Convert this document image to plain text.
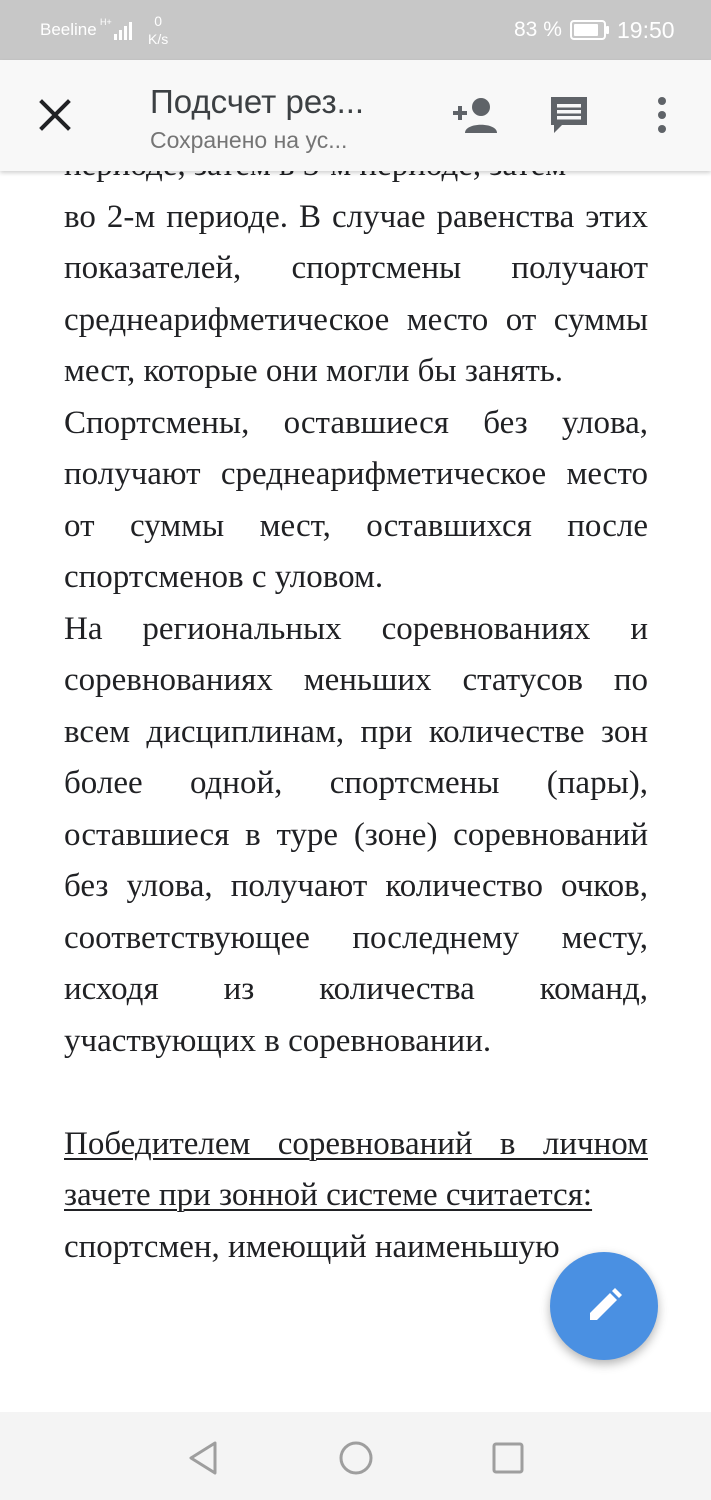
Beeline H+	0
K/s	83 % 19:50
во 2-м периоде. В случае равенства этих показателей, спортсмены получают среднеарифметическое место от суммы мест, которые они могли бы занять.
Спортсмены, оставшиеся без улова, получают среднеарифметическое место от суммы мест, оставшихся после спортсменов с уловом.
На региональных соревнованиях и соревнованиях меньших статусов по всем дисциплинам, при количестве зон более одной, спортсмены (пары), оставшиеся в туре (зоне) соревнований без улова, получают количество очков, соответствующее последнему месту, исходя из количества команд, участвующих в соревновании.
Победителем соревнований в личном зачете при зонной системе считается:
спортсмен, имеющий наименьшую
Подсчет рез...
Сохранено на ус...
